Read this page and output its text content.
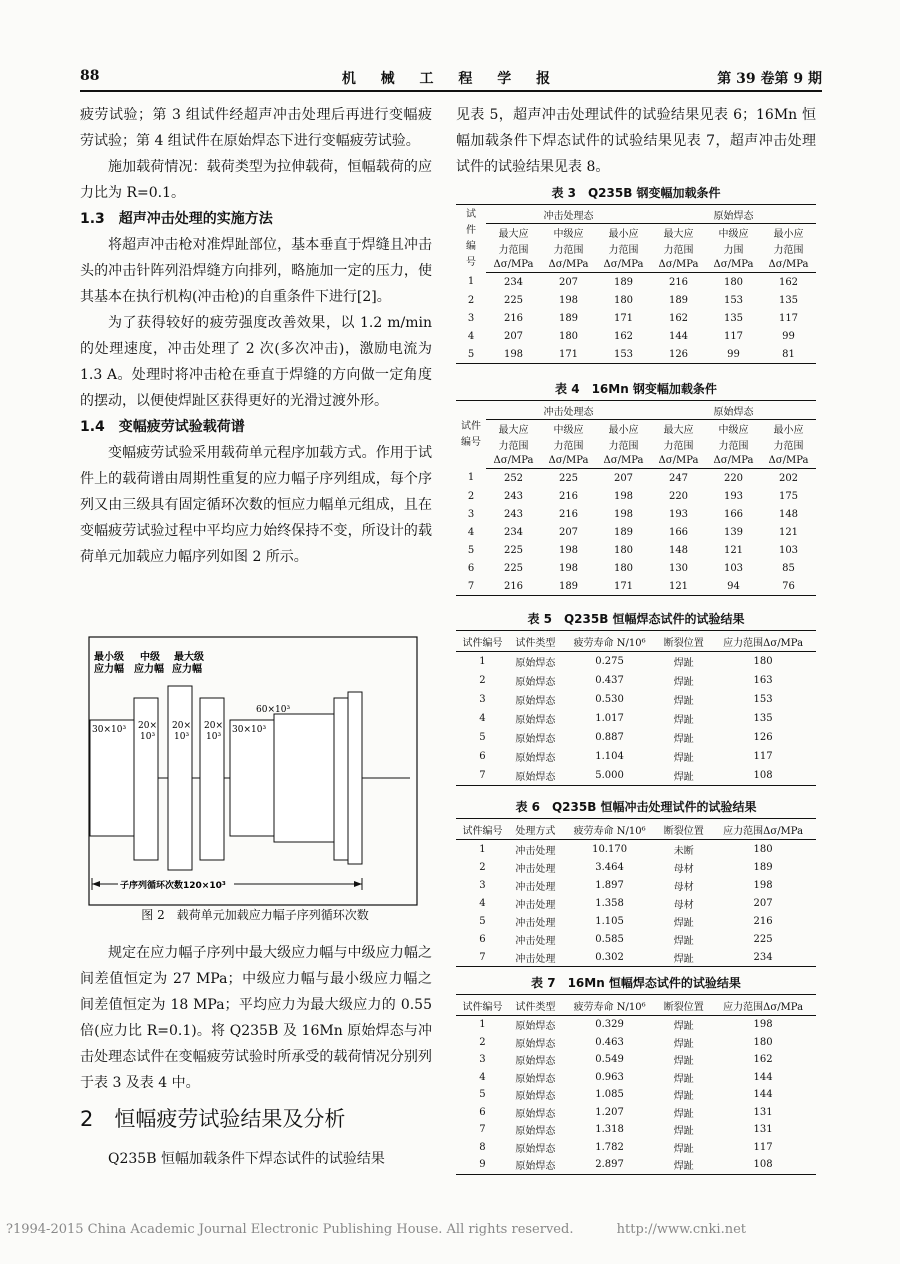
88	机 械 工 程 学 报	第 39 卷第 9 期

疲劳试验；第 3 组试件经超声冲击处理后再进行变幅疲劳试验；第 4 组试件在原始焊态下进行变幅疲劳试验。

施加载荷情况：载荷类型为拉伸载荷，恒幅载荷的应力比为 R=0.1。

1.3　超声冲击处理的实施方法

将超声冲击枪对准焊趾部位，基本垂直于焊缝且冲击头的冲击针阵列沿焊缝方向排列，略施加一定的压力，使其基本在执行机构(冲击枪)的自重条件下进行[2]。

为了获得较好的疲劳强度改善效果，以 1.2 m/min 的处理速度，冲击处理了 2 次(多次冲击)，激励电流为 1.3 A。处理时将冲击枪在垂直于焊缝的方向做一定角度的摆动，以便使焊趾区获得更好的光滑过渡外形。

1.4　变幅疲劳试验载荷谱

变幅疲劳试验采用载荷单元程序加载方式。作用于试件上的载荷谱由周期性重复的应力幅子序列组成，每个序列又由三级具有固定循环次数的恒应力幅单元组成，且在变幅疲劳试验过程中平均应力始终保持不变，所设计的载荷单元加载应力幅序列如图 2 所示。

最小级
应力幅
中级
应力幅
最大级
应力幅
30×10³ 20×
10³
20×
10³
20×
10³
30×10³
60×10³
子序列循环次数120×10³
图 2　载荷单元加载应力幅子序列循环次数

规定在应力幅子序列中最大级应力幅与中级应力幅之间差值恒定为 27 MPa；中级应力幅与最小级应力幅之间差值恒定为 18 MPa；平均应力为最大级应力的 0.55 倍(应力比 R=0.1)。将 Q235B 及 16Mn 原始焊态与冲击处理态试件在变幅疲劳试验时所承受的载荷情况分别列于表 3 及表 4 中。

2　恒幅疲劳试验结果及分析

Q235B 恒幅加载条件下焊态试件的试验结果

见表 5，超声冲击处理试件的试验结果见表 6；16Mn 恒幅加载条件下焊态试件的试验结果见表 7，超声冲击处理试件的试验结果见表 8。

表 3　Q235B 钢变幅加载条件
试
件
编
号	冲击处理态			原始焊态		
	最大应	中级应	最小应	最大应	中级应	最小应
	力范围	力范围	力范围	力范围	力围	力范围
	Δσ/MPa	Δσ/MPa	Δσ/MPa	Δσ/MPa	Δσ/MPa	Δσ/MPa
1	234	207	189	216	180	162
2	225	198	180	189	153	135
3	216	189	171	162	135	117
4	207	180	162	144	117	99
5	198	171	153	126	99	81
表 4　16Mn 钢变幅加载条件
试件
编号	冲击处理态			原始焊态		
	最大应	中级应	最小应	最大应	中级应	最小应
	力范围	力范围	力范围	力范围	力范围	力范围
	Δσ/MPa	Δσ/MPa	Δσ/MPa	Δσ/MPa	Δσ/MPa	Δσ/MPa
1	252	225	207	247	220	202
2	243	216	198	220	193	175
3	243	216	198	193	166	148
4	234	207	189	166	139	121
5	225	198	180	148	121	103
6	225	198	180	130	103	85
7	216	189	171	121	94	76
表 5　Q235B 恒幅焊态试件的试验结果
试件编号	试件类型	疲劳寿命 N/10⁶	断裂位置	应力范围Δσ/MPa
1	原始焊态	0.275	焊趾	180
2	原始焊态	0.437	焊趾	163
3	原始焊态	0.530	焊趾	153
4	原始焊态	1.017	焊趾	135
5	原始焊态	0.887	焊趾	126
6	原始焊态	1.104	焊趾	117
7	原始焊态	5.000	焊趾	108
表 6　Q235B 恒幅冲击处理试件的试验结果
试件编号	处理方式	疲劳寿命 N/10⁶	断裂位置	应力范围Δσ/MPa
1	冲击处理	10.170	未断	180
2	冲击处理	3.464	母材	189
3	冲击处理	1.897	母材	198
4	冲击处理	1.358	母材	207
5	冲击处理	1.105	焊趾	216
6	冲击处理	0.585	焊趾	225
7	冲击处理	0.302	焊趾	234
表 7　16Mn 恒幅焊态试件的试验结果
试件编号	试件类型	疲劳寿命 N/10⁶	断裂位置	应力范围Δσ/MPa
1	原始焊态	0.329	焊趾	198
2	原始焊态	0.463	焊趾	180
3	原始焊态	0.549	焊趾	162
4	原始焊态	0.963	焊趾	144
5	原始焊态	1.085	焊趾	144
6	原始焊态	1.207	焊趾	131
7	原始焊态	1.318	焊趾	131
8	原始焊态	1.782	焊趾	117
9	原始焊态	2.897	焊趾	108
?1994-2015 China Academic Journal Electronic Publishing House. All rights reserved.	http://www.cnki.net
